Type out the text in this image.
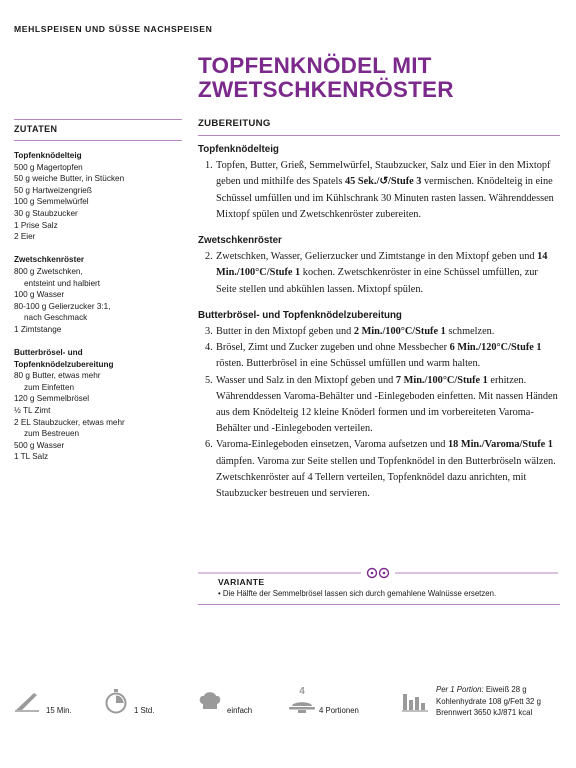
MEHLSPEISEN UND SÜSSE NACHSPEISEN
TOPFENKNÖDEL MIT ZWETSCHKENRÖSTER
ZUTATEN
Topfenknödelteig
500 g Magertopfen
50 g weiche Butter, in Stücken
50 g Hartweizengrieß
100 g Semmelwürfel
30 g Staubzucker
1 Prise Salz
2 Eier
Zwetschkenröster
800 g Zwetschken,
entsteint und halbiert
100 g Wasser
80-100 g Gelierzucker 3:1,
nach Geschmack
1 Zimtstange
Butterbrösel- und
Topfenknödelzubereitung
80 g Butter, etwas mehr
zum Einfetten
120 g Semmelbrösel
½ TL Zimt
2 EL Staubzucker, etwas mehr
zum Bestreuen
500 g Wasser
1 TL Salz
ZUBEREITUNG
Topfenknödelteig
1. Topfen, Butter, Grieß, Semmelwürfel, Staubzucker, Salz und Eier in den Mixtopf geben und mithilfe des Spatels 45 Sek./↺/Stufe 3 vermischen. Knödelteig in eine Schüssel umfüllen und im Kühlschrank 30 Minuten rasten lassen. Währenddessen Mixtopf spülen und Zwetschkenröster zubereiten.
Zwetschkenröster
2. Zwetschken, Wasser, Gelierzucker und Zimtstange in den Mixtopf geben und 14 Min./100°C/Stufe 1 kochen. Zwetschkenröster in eine Schüssel umfüllen, zur Seite stellen und abkühlen lassen. Mixtopf spülen.
Butterbrösel- und Topfenknödelzubereitung
3. Butter in den Mixtopf geben und 2 Min./100°C/Stufe 1 schmelzen.
4. Brösel, Zimt und Zucker zugeben und ohne Messbecher 6 Min./120°C/Stufe 1 rösten. Butterbrösel in eine Schüssel umfüllen und warm halten.
5. Wasser und Salz in den Mixtopf geben und 7 Min./100°C/Stufe 1 erhitzen. Währenddessen Varoma-Behälter und -Einlegeboden einfetten. Mit nassen Händen aus dem Knödelteig 12 kleine Knöderl formen und im vorbereiteten Varoma-Behälter und -Einlegeboden verteilen.
6. Varoma-Einlegeboden einsetzen, Varoma aufsetzen und 18 Min./Varoma/Stufe 1 dämpfen. Varoma zur Seite stellen und Topfenknödel in den Butterbröseln wälzen. Zwetschkenröster auf 4 Tellern verteilen, Topfenknödel dazu anrichten, mit Staubzucker bestreuen und servieren.
VARIANTE
• Die Hälfte der Semmelbrösel lassen sich durch gemahlene Walnüsse ersetzen.
15 Min.	1 Std.	einfach
4
4 Portionen
Per 1 Portion: Eiweiß 28 g
Kohlenhydrate 108 g/Fett 32 g
Brennwert 3650 kJ/871 kcal
